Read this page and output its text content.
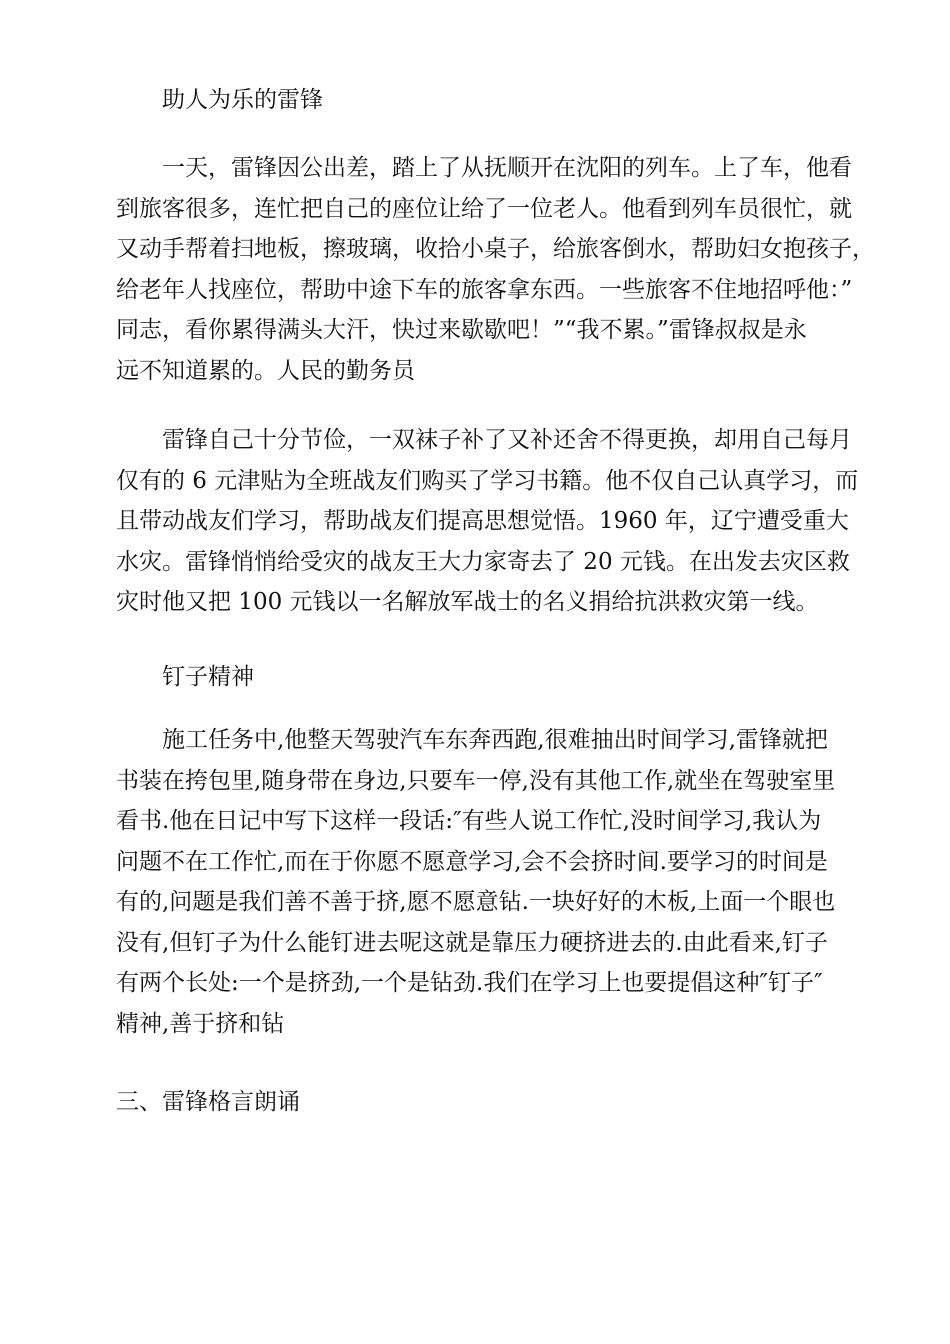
助人为乐的雷锋

一天，雷锋因公出差，踏上了从抚顺开在沈阳的列车。上了车，他看
到旅客很多，连忙把自己的座位让给了一位老人。他看到列车员很忙，就
又动手帮着扫地板，擦玻璃，收拾小桌子，给旅客倒水，帮助妇女抱孩子，
给老年人找座位，帮助中途下车的旅客拿东西。一些旅客不住地招呼他：”
同志，看你累得满头大汗，快过来歇歇吧！”“我不累。”雷锋叔叔是永
远不知道累的。人民的勤务员

雷锋自己十分节俭，一双袜子补了又补还舍不得更换，却用自己每月
仅有的 6 元津贴为全班战友们购买了学习书籍。他不仅自己认真学习，而
且带动战友们学习，帮助战友们提高思想觉悟。1960 年，辽宁遭受重大
水灾。雷锋悄悄给受灾的战友王大力家寄去了 20 元钱。在出发去灾区救
灾时他又把 100 元钱以一名解放军战士的名义捐给抗洪救灾第一线。

钉子精神

施工任务中,他整天驾驶汽车东奔西跑,很难抽出时间学习,雷锋就把
书装在挎包里,随身带在身边,只要车一停,没有其他工作,就坐在驾驶室里
看书.他在日记中写下这样一段话:″有些人说工作忙,没时间学习,我认为
问题不在工作忙,而在于你愿不愿意学习,会不会挤时间.要学习的时间是
有的,问题是我们善不善于挤,愿不愿意钻.一块好好的木板,上面一个眼也
没有,但钉子为什么能钉进去呢这就是靠压力硬挤进去的.由此看来,钉子
有两个长处:一个是挤劲,一个是钻劲.我们在学习上也要提倡这种″钉子″
精神,善于挤和钻

三、雷锋格言朗诵
